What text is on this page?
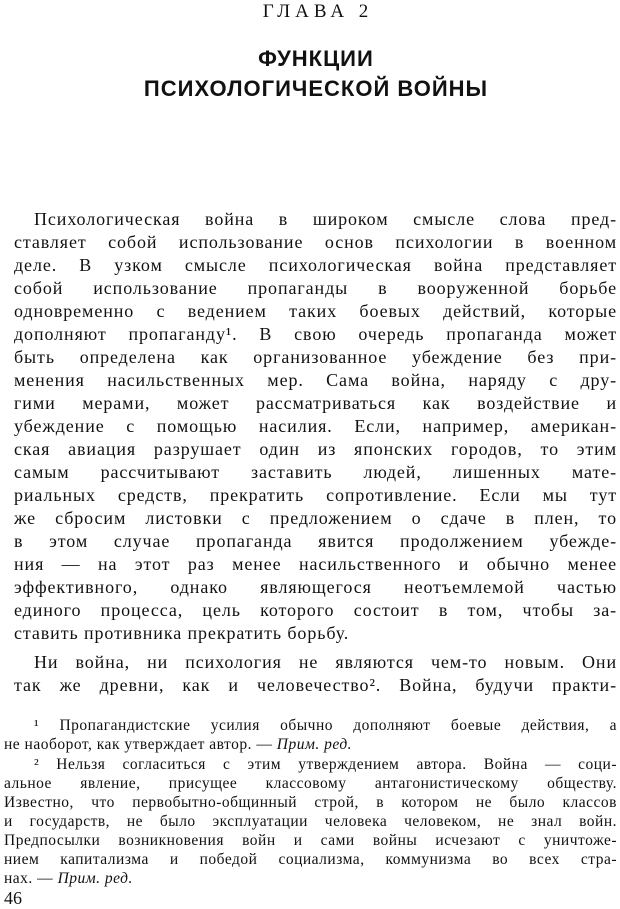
ГЛАВА 2
ФУНКЦИИ
ПСИХОЛОГИЧЕСКОЙ ВОЙНЫ
Психологическая война в широком смысле слова пред-
ставляет собой использование основ психологии в военном
деле. В узком смысле психологическая война представляет
собой использование пропаганды в вооруженной борьбе
одновременно с ведением таких боевых действий, которые
дополняют пропаганду¹. В свою очередь пропаганда может
быть определена как организованное убеждение без при-
менения насильственных мер. Сама война, наряду с дру-
гими мерами, может рассматриваться как воздействие и
убеждение с помощью насилия. Если, например, американ-
ская авиация разрушает один из японских городов, то этим
самым рассчитывают заставить людей, лишенных мате-
риальных средств, прекратить сопротивление. Если мы тут
же сбросим листовки с предложением о сдаче в плен, то
в этом случае пропаганда явится продолжением убежде-
ния — на этот раз менее насильственного и обычно менее
эффективного, однако являющегося неотъемлемой частью
единого процесса, цель которого состоит в том, чтобы за-
ставить противника прекратить борьбу.
Ни война, ни психология не являются чем-то новым. Они
так же древни, как и человечество². Война, будучи практи-
¹ Пропагандистские усилия обычно дополняют боевые действия, а
не наоборот, как утверждает автор. — Прим. ред.
² Нельзя согласиться с этим утверждением автора. Война — соци-
альное явление, присущее классовому антагонистическому обществу.
Известно, что первобытно-общинный строй, в котором не было классов
и государств, не было эксплуатации человека человеком, не знал войн.
Предпосылки возникновения войн и сами войны исчезают с уничтоже-
нием капитализма и победой социализма, коммунизма во всех стра-
нах. — Прим. ред.
46
